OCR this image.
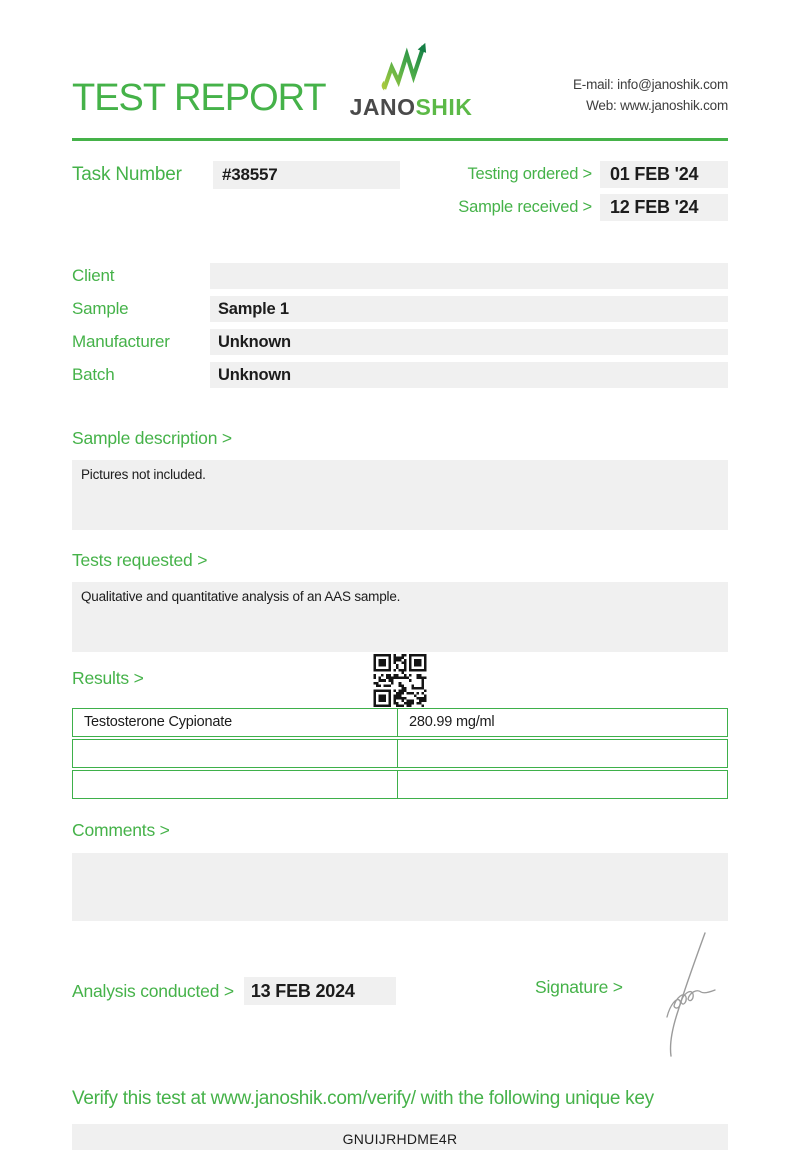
TEST REPORT	JANOSHIK
E-mail: info@janoshik.com
Web: www.janoshik.com
Task Number	#38557	Testing ordered >	01 FEB '24
Sample received >	12 FEB '24
Client
Sample	Sample 1
Manufacturer	Unknown
Batch	Unknown
Sample description >
Pictures not included.
Tests requested >
Qualitative and quantitative analysis of an AAS sample.
Results >
Testosterone Cypionate	280.99 mg/ml
Comments >
Analysis conducted > 13 FEB 2024	Signature >
Verify this test at www.janoshik.com/verify/ with the following unique key
GNUIJRHDME4R
